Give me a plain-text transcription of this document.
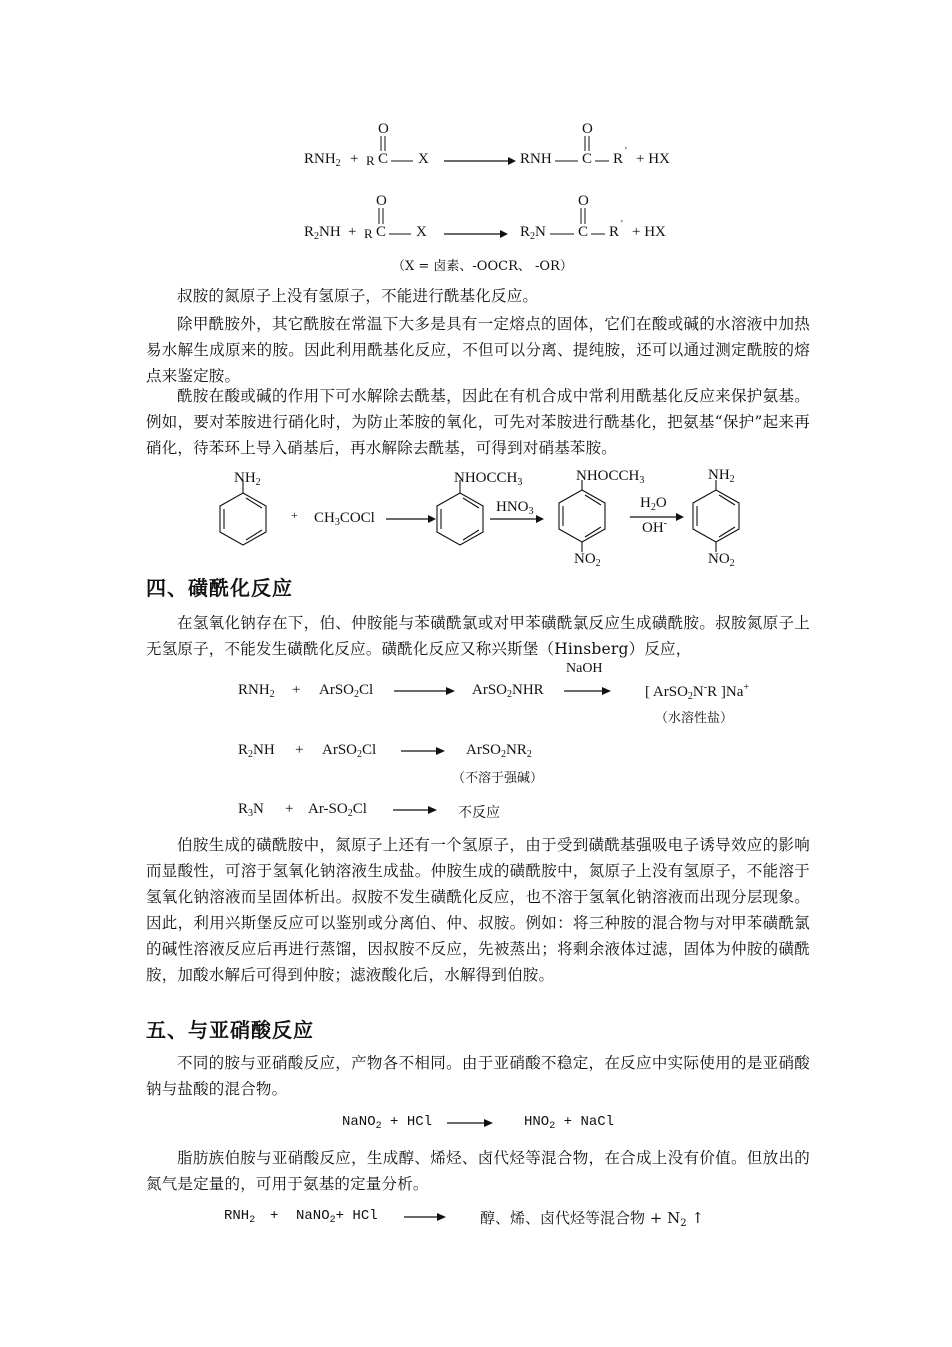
$RNH_2 + R$
O
C X	RNH
O
C R ' + HX
$R_2NH + R$
O
C X	$R_2N$
O
C R ' + HX
（X = 卤素、-OOCR、 -OR）
叔胺的氮原子上没有氢原子，不能进行酰基化反应。
除甲酰胺外，其它酰胺在常温下大多是具有一定熔点的固体，它们在酸或碱的水溶液中加热易水解生成原来的胺。因此利用酰基化反应，不但可以分离、提纯胺，还可以通过测定酰胺的熔点来鉴定胺。
酰胺在酸或碱的作用下可水解除去酰基，因此在有机合成中常利用酰基化反应来保护氨基。例如，要对苯胺进行硝化时，为防止苯胺的氧化，可先对苯胺进行酰基化，把氨基“保护”起来再硝化，待苯环上导入硝基后，再水解除去酰基，可得到对硝基苯胺。
$NH_2$
+ $CH_3COCl$
$NHOCCH_3$
$HNO_3$
$NHOCCH_3$
$NO_2$
$H_2O$
OH-
$NH_2$
$NO_2$
四、磺酰化反应
在氢氧化钠存在下，伯、仲胺能与苯磺酰氯或对甲苯磺酰氯反应生成磺酰胺。叔胺氮原子上无氢原子，不能发生磺酰化反应。磺酰化反应又称兴斯堡（Hinsberg）反应，
$RNH_2$ + ArSO$_2$Cl	ArSO$_2$NHR
NaOH
[ ArSO$_2$N-R ]Na+
（水溶性盐）
$R_2NH$ + ArSO$_2$Cl	$ArSO_2NR_2$
（不溶于强碱）
$R_3N + Ar-SO_2Cl$	不反应
伯胺生成的磺酰胺中，氮原子上还有一个氢原子，由于受到磺酰基强吸电子诱导效应的影响而显酸性，可溶于氢氧化钠溶液生成盐。仲胺生成的磺酰胺中，氮原子上没有氢原子，不能溶于氢氧化钠溶液而呈固体析出。叔胺不发生磺酰化反应，也不溶于氢氧化钠溶液而出现分层现象。因此，利用兴斯堡反应可以鉴别或分离伯、仲、叔胺。例如：将三种胺的混合物与对甲苯磺酰氯的碱性溶液反应后再进行蒸馏，因叔胺不反应，先被蒸出；将剩余液体过滤，固体为仲胺的磺酰胺，加酸水解后可得到仲胺；滤液酸化后，水解得到伯胺。
五、与亚硝酸反应
不同的胺与亚硝酸反应，产物各不相同。由于亚硝酸不稳定，在反应中实际使用的是亚硝酸钠与盐酸的混合物。
NaNO$_2$ + HCl	$HNO_2$ + NaCl
脂肪族伯胺与亚硝酸反应，生成醇、烯烃、卤代烃等混合物，在合成上没有价值。但放出的氮气是定量的，可用于氨基的定量分析。
$RNH_2$ + NaNO$_2$+ HCl	醇、烯、卤代烃等混合物 + $N_2$ ↑
